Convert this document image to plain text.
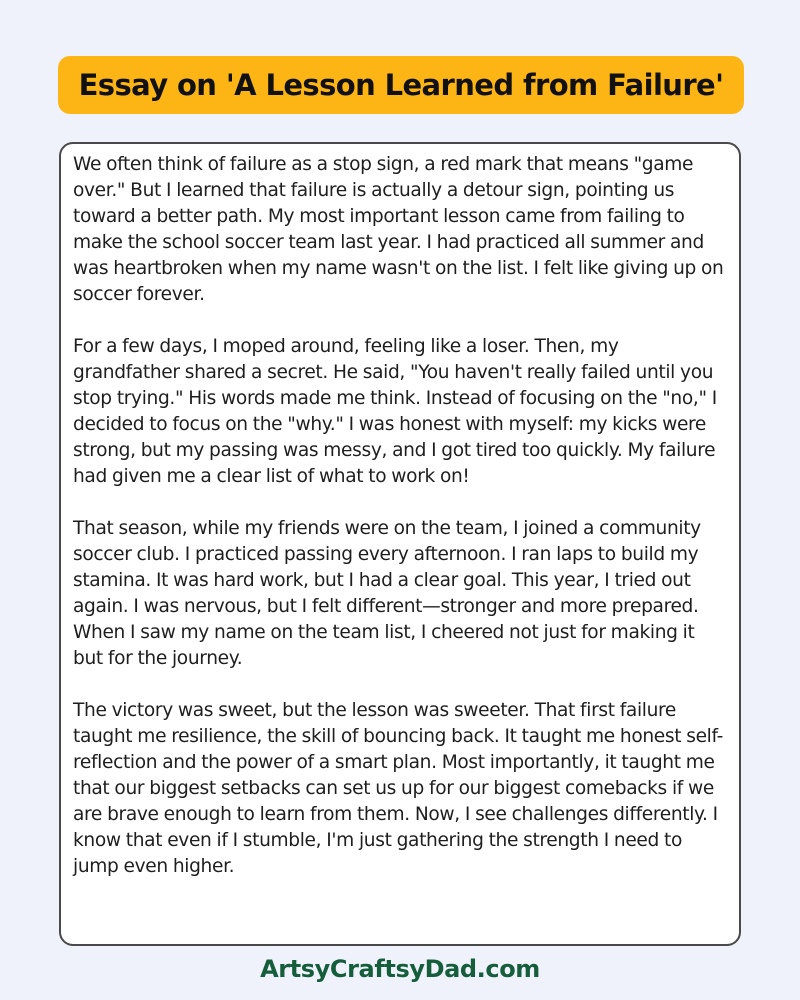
Essay on 'A Lesson Learned from Failure'

We often think of failure as a stop sign, a red mark that means "game over." But I learned that failure is actually a detour sign, pointing us toward a better path. My most important lesson came from failing to make the school soccer team last year. I had practiced all summer and was heartbroken when my name wasn't on the list. I felt like giving up on soccer forever.

For a few days, I moped around, feeling like a loser. Then, my grandfather shared a secret. He said, "You haven't really failed until you stop trying." His words made me think. Instead of focusing on the "no," I decided to focus on the "why." I was honest with myself: my kicks were strong, but my passing was messy, and I got tired too quickly. My failure had given me a clear list of what to work on!

That season, while my friends were on the team, I joined a community soccer club. I practiced passing every afternoon. I ran laps to build my stamina. It was hard work, but I had a clear goal. This year, I tried out again. I was nervous, but I felt different—stronger and more prepared. When I saw my name on the team list, I cheered not just for making it but for the journey.

The victory was sweet, but the lesson was sweeter. That first failure taught me resilience, the skill of bouncing back. It taught me honest self-reflection and the power of a smart plan. Most importantly, it taught me that our biggest setbacks can set us up for our biggest comebacks if we are brave enough to learn from them. Now, I see challenges differently. I know that even if I stumble, I'm just gathering the strength I need to jump even higher.

ArtsyCraftsyDad.com
